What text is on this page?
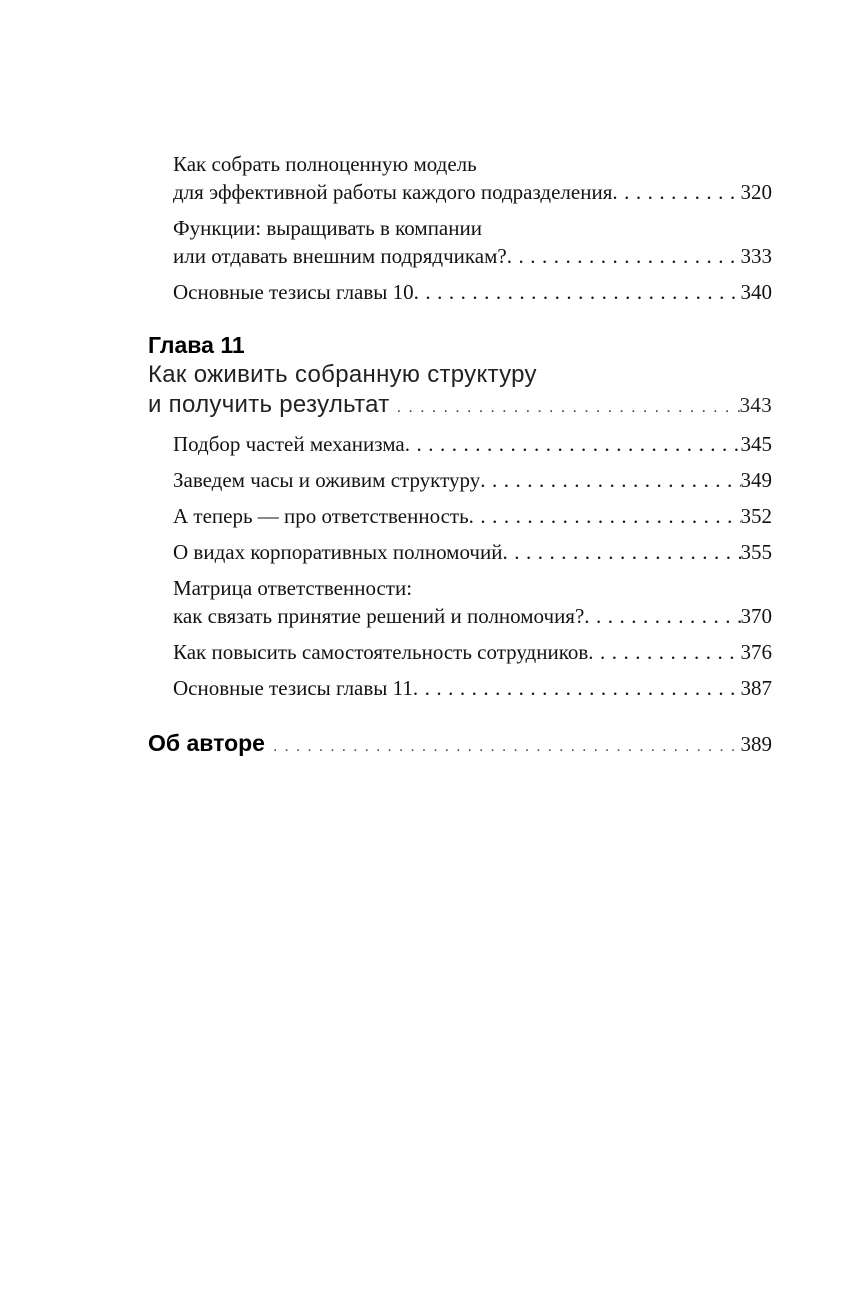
Как собрать полноценную модель
для эффективной работы каждого подразделения .....	320
Функции: выращивать в компании
или отдавать внешним подрядчикам? .....	333
Основные тезисы главы 10 .....	340
Глава 11
Как оживить собранную структуру
и получить результат .....	343
Подбор частей механизма .....	345
Заведем часы и оживим структуру .....	349
А теперь — про ответственность .....	352
О видах корпоративных полномочий .....	355
Матрица ответственности:
как связать принятие решений и полномочия? .....	370
Как повысить самостоятельность сотрудников .....	376
Основные тезисы главы 11 .....	387
Об авторе .....	389
